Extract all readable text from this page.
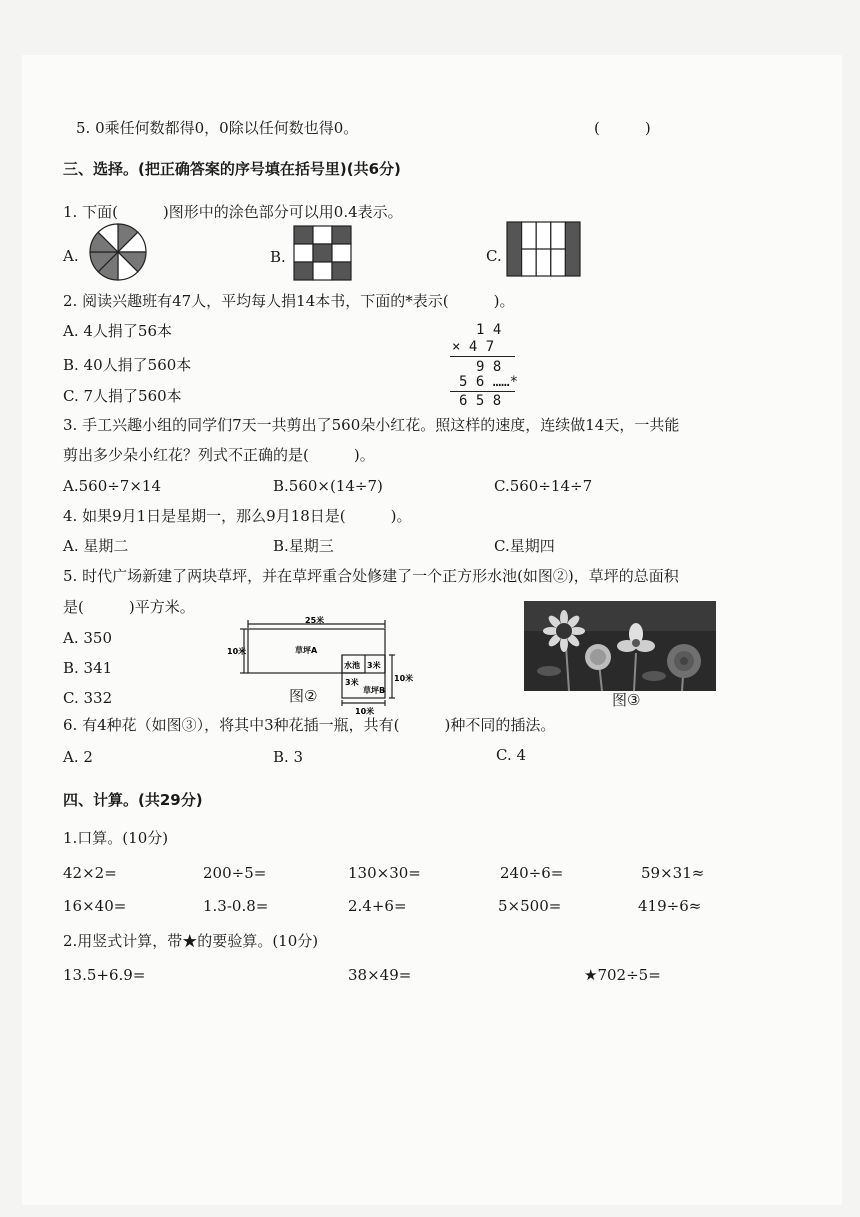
5. 0乘任何数都得0，0除以任何数也得0。	(　　　)
三、选择。(把正确答案的序号填在括号里)(共6分)
1. 下面(　　　)图形中的涂色部分可以用0.4表示。
A.	B.	C.
2. 阅读兴趣班有47人，平均每人捐14本书，下面的*表示(　　　)。
A. 4人捐了56本
B. 40人捐了560本
C. 7人捐了560本
1 4
× 4 7
9 8
5 6 ……*
6 5 8
3. 手工兴趣小组的同学们7天一共剪出了560朵小红花。照这样的速度，连续做14天，一共能
剪出多少朵小红花？列式不正确的是(　　　)。
A.560÷7×14	B.560×(14÷7)	C.560÷14÷7
4. 如果9月1日是星期一，那么9月18日是(　　　)。
A. 星期二	B.星期三	C.星期四
5. 时代广场新建了两块草坪，并在草坪重合处修建了一个正方形水池(如图②)，草坪的总面积
是(　　　)平方米。
A. 350
B. 341
C. 332
25米
10米	草坪A
水池 3米
3米	10米
草坪B
10米
图②	图③
6. 有4种花（如图③），将其中3种花插一瓶，共有(　　　)种不同的插法。
A. 2	B. 3	C. 4
四、计算。(共29分)
1.口算。(10分)
42×2=	200÷5=	130×30=	240÷6=	59×31≈
16×40=	1.3-0.8=	2.4+6=	5×500=	419÷6≈
2.用竖式计算，带★的要验算。(10分)
13.5+6.9=	38×49=	★702÷5=
